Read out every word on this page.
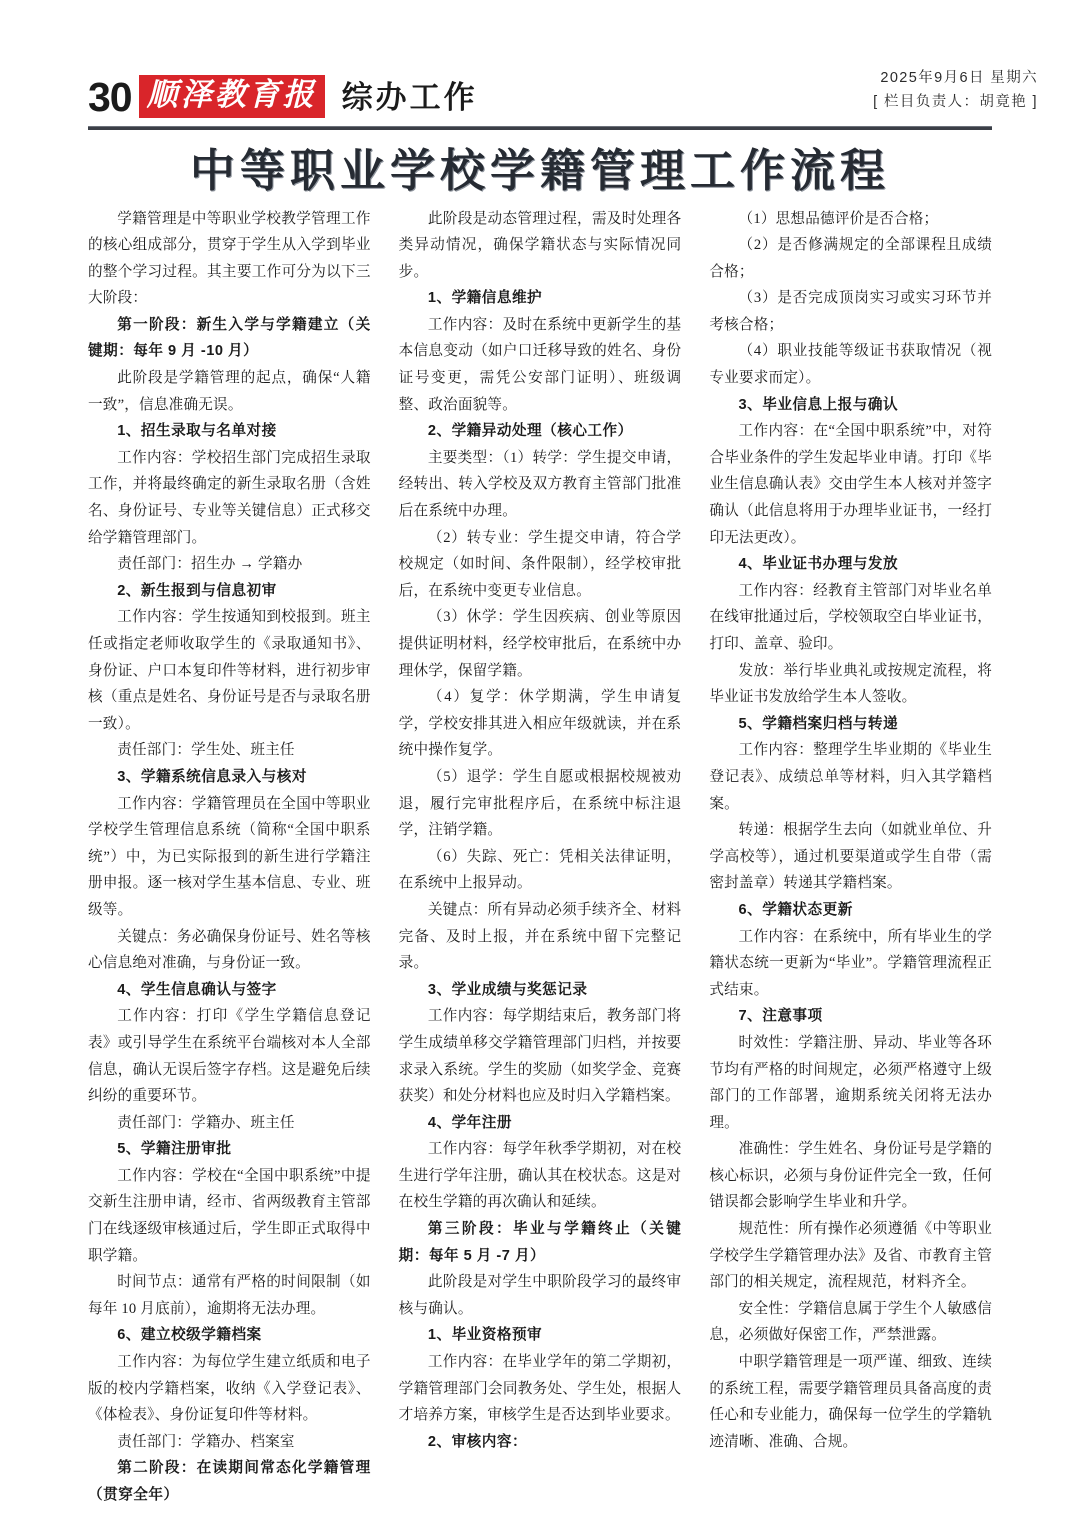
30 顺泽教育报 综办工作
2025年9月6日 星期六
[ 栏目负责人：胡竟艳 ]
中等职业学校学籍管理工作流程

学籍管理是中等职业学校教学管理工作的核心组成部分，贯穿于学生从入学到毕业的整个学习过程。其主要工作可分为以下三大阶段：

第一阶段：新生入学与学籍建立（关键期：每年 9 月 -10 月）

此阶段是学籍管理的起点，确保“人籍一致”，信息准确无误。

1、招生录取与名单对接

工作内容：学校招生部门完成招生录取工作，并将最终确定的新生录取名册（含姓名、身份证号、专业等关键信息）正式移交给学籍管理部门。

责任部门：招生办 → 学籍办

2、新生报到与信息初审

工作内容：学生按通知到校报到。班主任或指定老师收取学生的《录取通知书》、身份证、户口本复印件等材料，进行初步审核（重点是姓名、身份证号是否与录取名册一致）。

责任部门：学生处、班主任

3、学籍系统信息录入与核对

工作内容：学籍管理员在全国中等职业学校学生管理信息系统（简称“全国中职系统”）中，为已实际报到的新生进行学籍注册申报。逐一核对学生基本信息、专业、班级等。

关键点：务必确保身份证号、姓名等核心信息绝对准确，与身份证一致。

4、学生信息确认与签字

工作内容：打印《学生学籍信息登记表》或引导学生在系统平台端核对本人全部信息，确认无误后签字存档。这是避免后续纠纷的重要环节。

责任部门：学籍办、班主任

5、学籍注册审批

工作内容：学校在“全国中职系统”中提交新生注册申请，经市、省两级教育主管部门在线逐级审核通过后，学生即正式取得中职学籍。

时间节点：通常有严格的时间限制（如每年 10 月底前），逾期将无法办理。

6、建立校级学籍档案

工作内容：为每位学生建立纸质和电子版的校内学籍档案，收纳《入学登记表》、《体检表》、身份证复印件等材料。

责任部门：学籍办、档案室

第二阶段：在读期间常态化学籍管理（贯穿全年）

此阶段是动态管理过程，需及时处理各类异动情况，确保学籍状态与实际情况同步。

1、学籍信息维护

工作内容：及时在系统中更新学生的基本信息变动（如户口迁移导致的姓名、身份证号变更，需凭公安部门证明）、班级调整、政治面貌等。

2、学籍异动处理（核心工作）

主要类型：（1）转学：学生提交申请，经转出、转入学校及双方教育主管部门批准后在系统中办理。

（2）转专业：学生提交申请，符合学校规定（如时间、条件限制），经学校审批后，在系统中变更专业信息。

（3）休学：学生因疾病、创业等原因提供证明材料，经学校审批后，在系统中办理休学，保留学籍。

（4）复学：休学期满，学生申请复学，学校安排其进入相应年级就读，并在系统中操作复学。

（5）退学：学生自愿或根据校规被劝退，履行完审批程序后，在系统中标注退学，注销学籍。

（6）失踪、死亡：凭相关法律证明，在系统中上报异动。

关键点：所有异动必须手续齐全、材料完备、及时上报，并在系统中留下完整记录。

3、学业成绩与奖惩记录

工作内容：每学期结束后，教务部门将学生成绩单移交学籍管理部门归档，并按要求录入系统。学生的奖励（如奖学金、竞赛获奖）和处分材料也应及时归入学籍档案。

4、学年注册

工作内容：每学年秋季学期初，对在校生进行学年注册，确认其在校状态。这是对在校生学籍的再次确认和延续。

第三阶段：毕业与学籍终止（关键期：每年 5 月 -7 月）

此阶段是对学生中职阶段学习的最终审核与确认。

1、毕业资格预审

工作内容：在毕业学年的第二学期初，学籍管理部门会同教务处、学生处，根据人才培养方案，审核学生是否达到毕业要求。

2、审核内容：

（1）思想品德评价是否合格；

（2）是否修满规定的全部课程且成绩合格；

（3）是否完成顶岗实习或实习环节并考核合格；

（4）职业技能等级证书获取情况（视专业要求而定）。

3、毕业信息上报与确认

工作内容：在“全国中职系统”中，对符合毕业条件的学生发起毕业申请。打印《毕业生信息确认表》交由学生本人核对并签字确认（此信息将用于办理毕业证书，一经打印无法更改）。

4、毕业证书办理与发放

工作内容：经教育主管部门对毕业名单在线审批通过后，学校领取空白毕业证书，打印、盖章、验印。

发放：举行毕业典礼或按规定流程，将毕业证书发放给学生本人签收。

5、学籍档案归档与转递

工作内容：整理学生毕业期的《毕业生登记表》、成绩总单等材料，归入其学籍档案。

转递：根据学生去向（如就业单位、升学高校等），通过机要渠道或学生自带（需密封盖章）转递其学籍档案。

6、学籍状态更新

工作内容：在系统中，所有毕业生的学籍状态统一更新为“毕业”。学籍管理流程正式结束。

7、注意事项

时效性：学籍注册、异动、毕业等各环节均有严格的时间规定，必须严格遵守上级部门的工作部署，逾期系统关闭将无法办理。

准确性：学生姓名、身份证号是学籍的核心标识，必须与身份证件完全一致，任何错误都会影响学生毕业和升学。

规范性：所有操作必须遵循《中等职业学校学生学籍管理办法》及省、市教育主管部门的相关规定，流程规范，材料齐全。

安全性：学籍信息属于学生个人敏感信息，必须做好保密工作，严禁泄露。

中职学籍管理是一项严谨、细致、连续的系统工程，需要学籍管理员具备高度的责任心和专业能力，确保每一位学生的学籍轨迹清晰、准确、合规。
